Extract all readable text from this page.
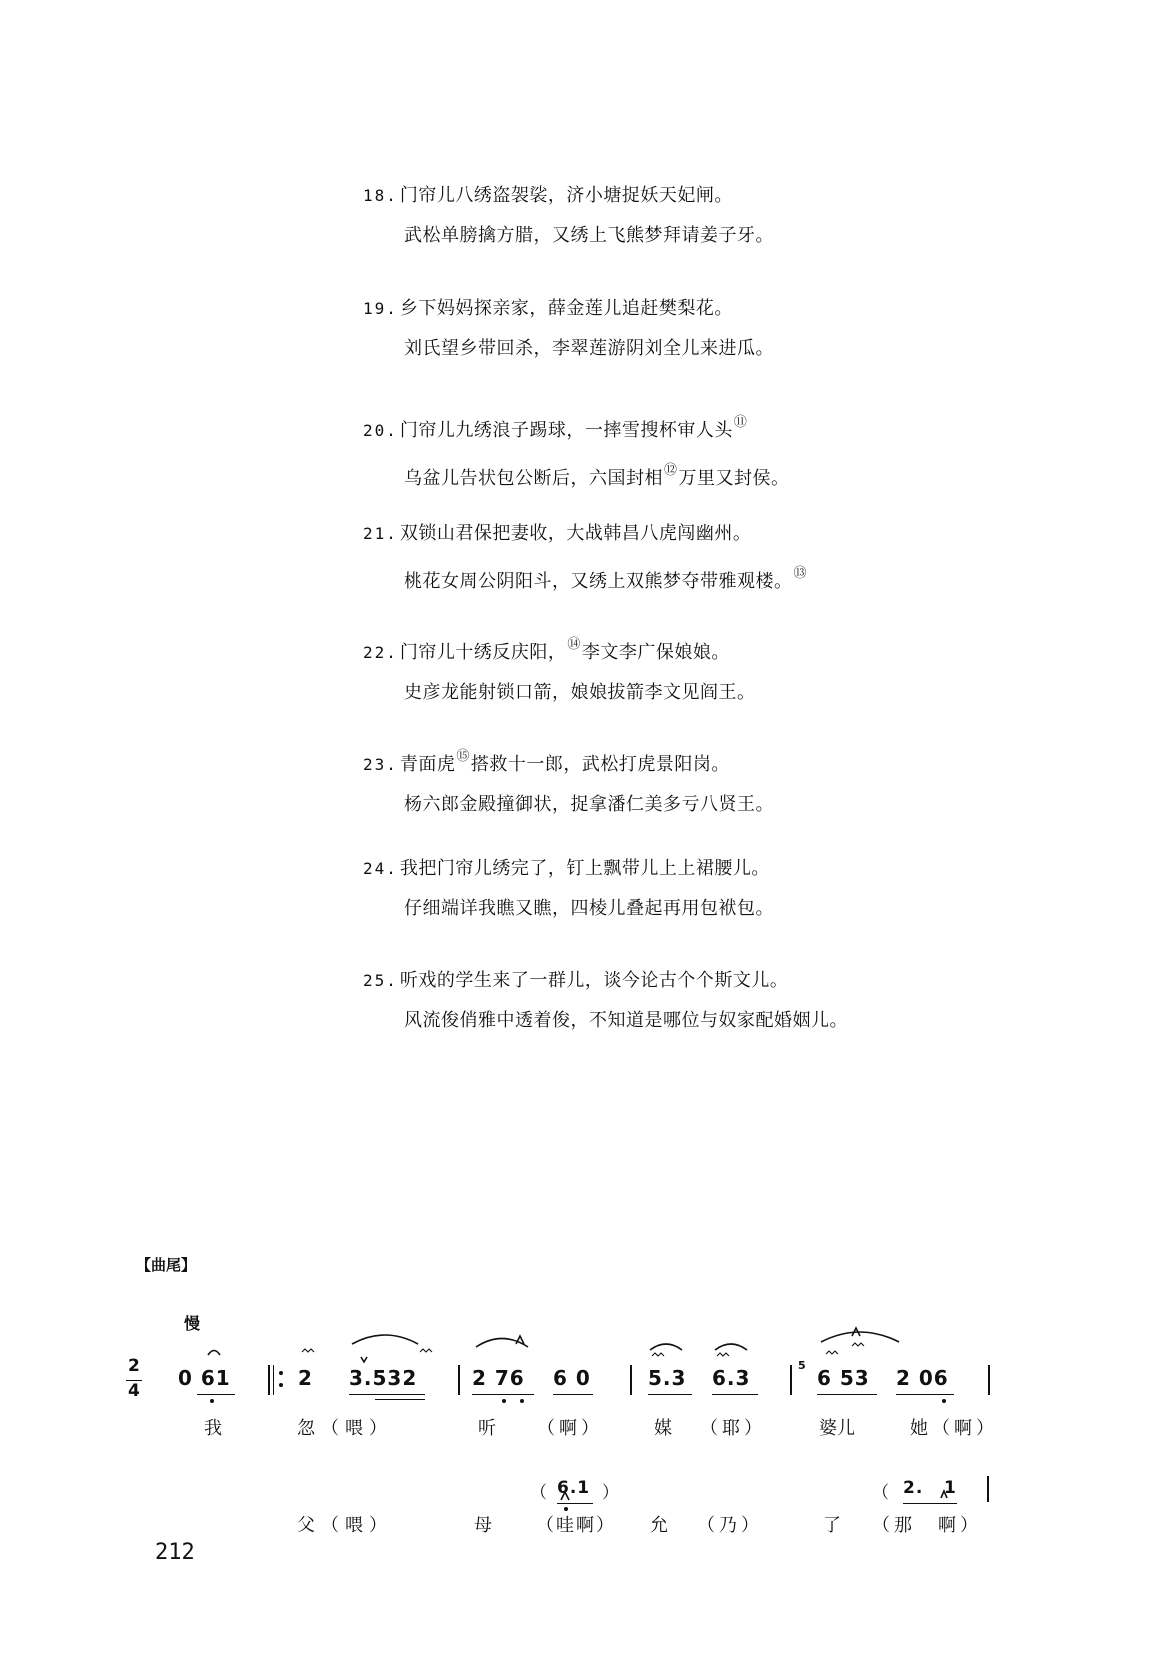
18. 门帘儿八绣盗袈裟，济小塘捉妖天妃闸。
武松单膀擒方腊，又绣上飞熊梦拜请姜子牙。
19. 乡下妈妈探亲家，薛金莲儿追赶樊梨花。
刘氏望乡带回杀，李翠莲游阴刘全儿来进瓜。
20. 门帘儿九绣浪子踢球，一摔雪搜杯审人头⑪
乌盆儿告状包公断后，六国封相⑫万里又封侯。
21. 双锁山君保把妻收，大战韩昌八虎闯幽州。
桃花女周公阴阳斗，又绣上双熊梦夺带雅观楼。⑬
22. 门帘儿十绣反庆阳，⑭李文李广保娘娘。
史彦龙能射锁口箭，娘娘拔箭李文见阎王。
23. 青面虎⑮搭救十一郎，武松打虎景阳岗。
杨六郎金殿撞御状，捉拿潘仁美多亏八贤王。
24. 我把门帘儿绣完了，钉上飘带儿上上裙腰儿。
仔细端详我瞧又瞧，四棱儿叠起再用包袱包。
25. 听戏的学生来了一群儿，谈今论古个个斯文儿。
风流俊俏雅中透着俊，不知道是哪位与奴家配婚姻儿。
【曲尾】
慢
2
4
0 61	2 3.532	2 76 6 0	5.3 6.3
5
6 53 2 06
我	忽（喂）	听 （啊）	媒 （耶）	婆儿	她（啊）
（ 6.1 ）	（ 2. 1
父（喂）	母 （哇啊） 允 （乃）	了 （那 啊）
212
